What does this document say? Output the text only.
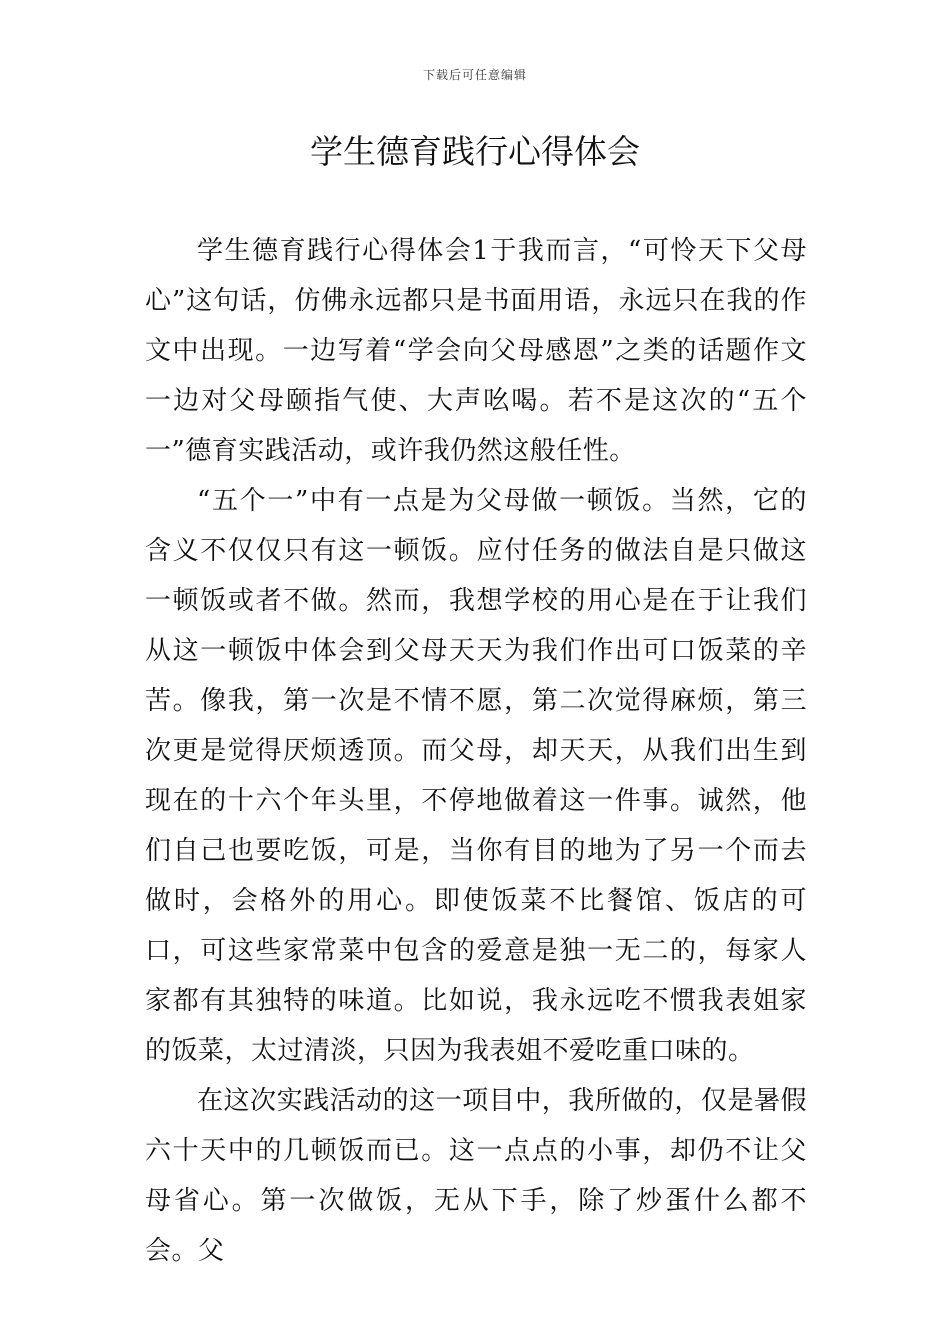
下载后可任意编辑
学生德育践行心得体会

学生德育践行心得体会1于我而言，“可怜天下父母心”这句话，仿佛永远都只是书面用语，永远只在我的作文中出现。一边写着“学会向父母感恩”之类的话题作文一边对父母颐指气使、大声吆喝。若不是这次的“五个一”德育实践活动，或许我仍然这般任性。

“五个一”中有一点是为父母做一顿饭。当然，它的含义不仅仅只有这一顿饭。应付任务的做法自是只做这一顿饭或者不做。然而，我想学校的用心是在于让我们从这一顿饭中体会到父母天天为我们作出可口饭菜的辛苦。像我，第一次是不情不愿，第二次觉得麻烦，第三次更是觉得厌烦透顶。而父母，却天天，从我们出生到现在的十六个年头里，不停地做着这一件事。诚然，他们自己也要吃饭，可是，当你有目的地为了另一个而去做时，会格外的用心。即使饭菜不比餐馆、饭店的可口，可这些家常菜中包含的爱意是独一无二的，每家人家都有其独特的味道。比如说，我永远吃不惯我表姐家的饭菜，太过清淡，只因为我表姐不爱吃重口味的。

在这次实践活动的这一项目中，我所做的，仅是暑假六十天中的几顿饭而已。这一点点的小事，却仍不让父母省心。第一次做饭，无从下手，除了炒蛋什么都不会。父
